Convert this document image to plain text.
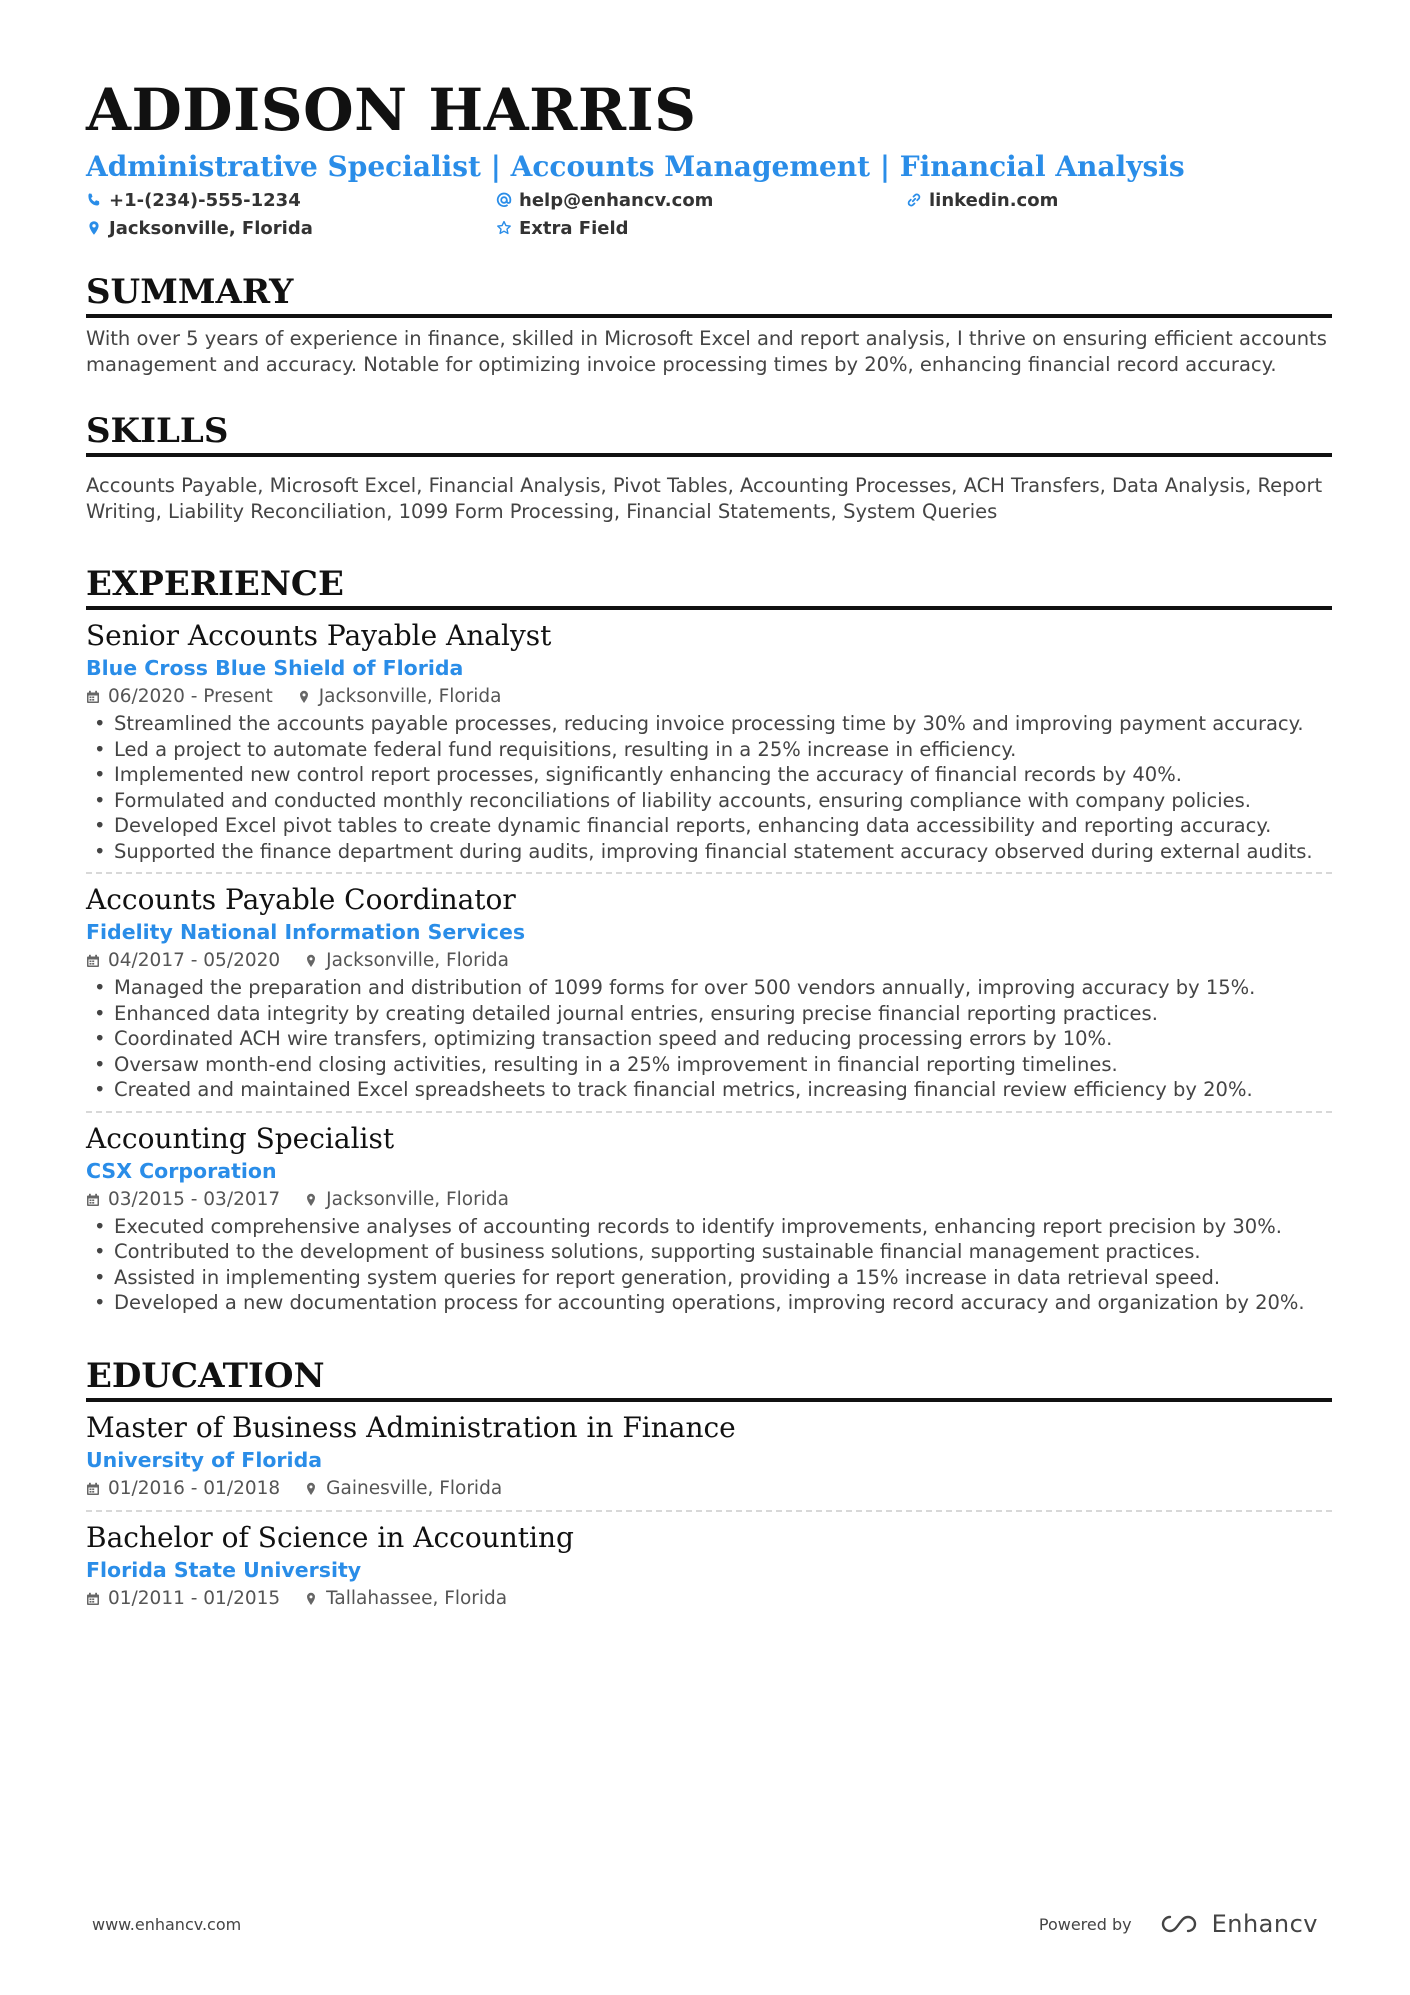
ADDISON HARRIS
Administrative Specialist | Accounts Management | Financial Analysis
+1-(234)-555-1234	help@enhancv.com	linkedin.com
Jacksonville, Florida	Extra Field
SUMMARY
With over 5 years of experience in finance, skilled in Microsoft Excel and report analysis, I thrive on ensuring efficient accounts management and accuracy. Notable for optimizing invoice processing times by 20%, enhancing financial record accuracy.
SKILLS
Accounts Payable, Microsoft Excel, Financial Analysis, Pivot Tables, Accounting Processes, ACH Transfers, Data Analysis, Report Writing, Liability Reconciliation, 1099 Form Processing, Financial Statements, System Queries
EXPERIENCE
Senior Accounts Payable Analyst
Blue Cross Blue Shield of Florida
06/2020 - Present Jacksonville, Florida
• Streamlined the accounts payable processes, reducing invoice processing time by 30% and improving payment accuracy.
• Led a project to automate federal fund requisitions, resulting in a 25% increase in efficiency.
• Implemented new control report processes, significantly enhancing the accuracy of financial records by 40%.
• Formulated and conducted monthly reconciliations of liability accounts, ensuring compliance with company policies.
• Developed Excel pivot tables to create dynamic financial reports, enhancing data accessibility and reporting accuracy.
• Supported the finance department during audits, improving financial statement accuracy observed during external audits.
Accounts Payable Coordinator
Fidelity National Information Services
04/2017 - 05/2020 Jacksonville, Florida
• Managed the preparation and distribution of 1099 forms for over 500 vendors annually, improving accuracy by 15%.
• Enhanced data integrity by creating detailed journal entries, ensuring precise financial reporting practices.
• Coordinated ACH wire transfers, optimizing transaction speed and reducing processing errors by 10%.
• Oversaw month-end closing activities, resulting in a 25% improvement in financial reporting timelines.
• Created and maintained Excel spreadsheets to track financial metrics, increasing financial review efficiency by 20%.
Accounting Specialist
CSX Corporation
03/2015 - 03/2017 Jacksonville, Florida
• Executed comprehensive analyses of accounting records to identify improvements, enhancing report precision by 30%.
• Contributed to the development of business solutions, supporting sustainable financial management practices.
• Assisted in implementing system queries for report generation, providing a 15% increase in data retrieval speed.
• Developed a new documentation process for accounting operations, improving record accuracy and organization by 20%.
EDUCATION
Master of Business Administration in Finance
University of Florida
01/2016 - 01/2018 Gainesville, Florida
Bachelor of Science in Accounting
Florida State University
01/2011 - 01/2015 Tallahassee, Florida
www.enhancv.com	Powered by	Enhancv
